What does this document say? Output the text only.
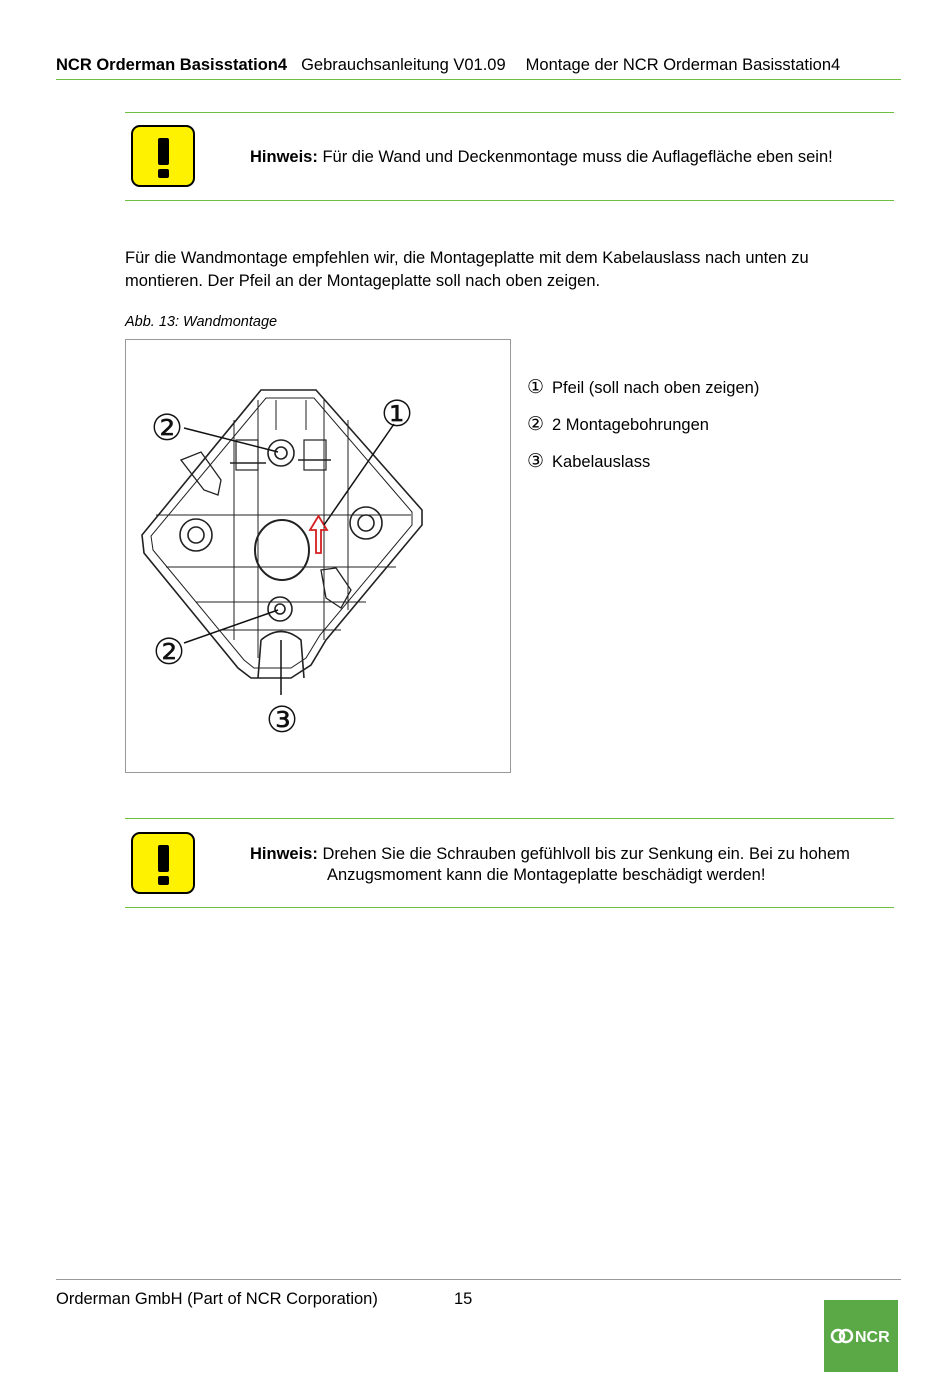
NCR Orderman Basisstation4 Gebrauchsanleitung V01.09 Montage der NCR Orderman Basisstation4
Hinweis: Für die Wand und Deckenmontage muss die Auflagefläche eben sein!
Für die Wandmontage empfehlen wir, die Montageplatte mit dem Kabelauslass nach unten zu montieren. Der Pfeil an der Montageplatte soll nach oben zeigen.
Abb. 13: Wandmontage
②	①
②
③
① Pfeil (soll nach oben zeigen)
② 2 Montagebohrungen
③ Kabelauslass
Hinweis: Drehen Sie die Schrauben gefühlvoll bis zur Senkung ein. Bei zu hohem
Anzugsmoment kann die Montageplatte beschädigt werden!
Orderman GmbH (Part of NCR Corporation)	15
NCR
